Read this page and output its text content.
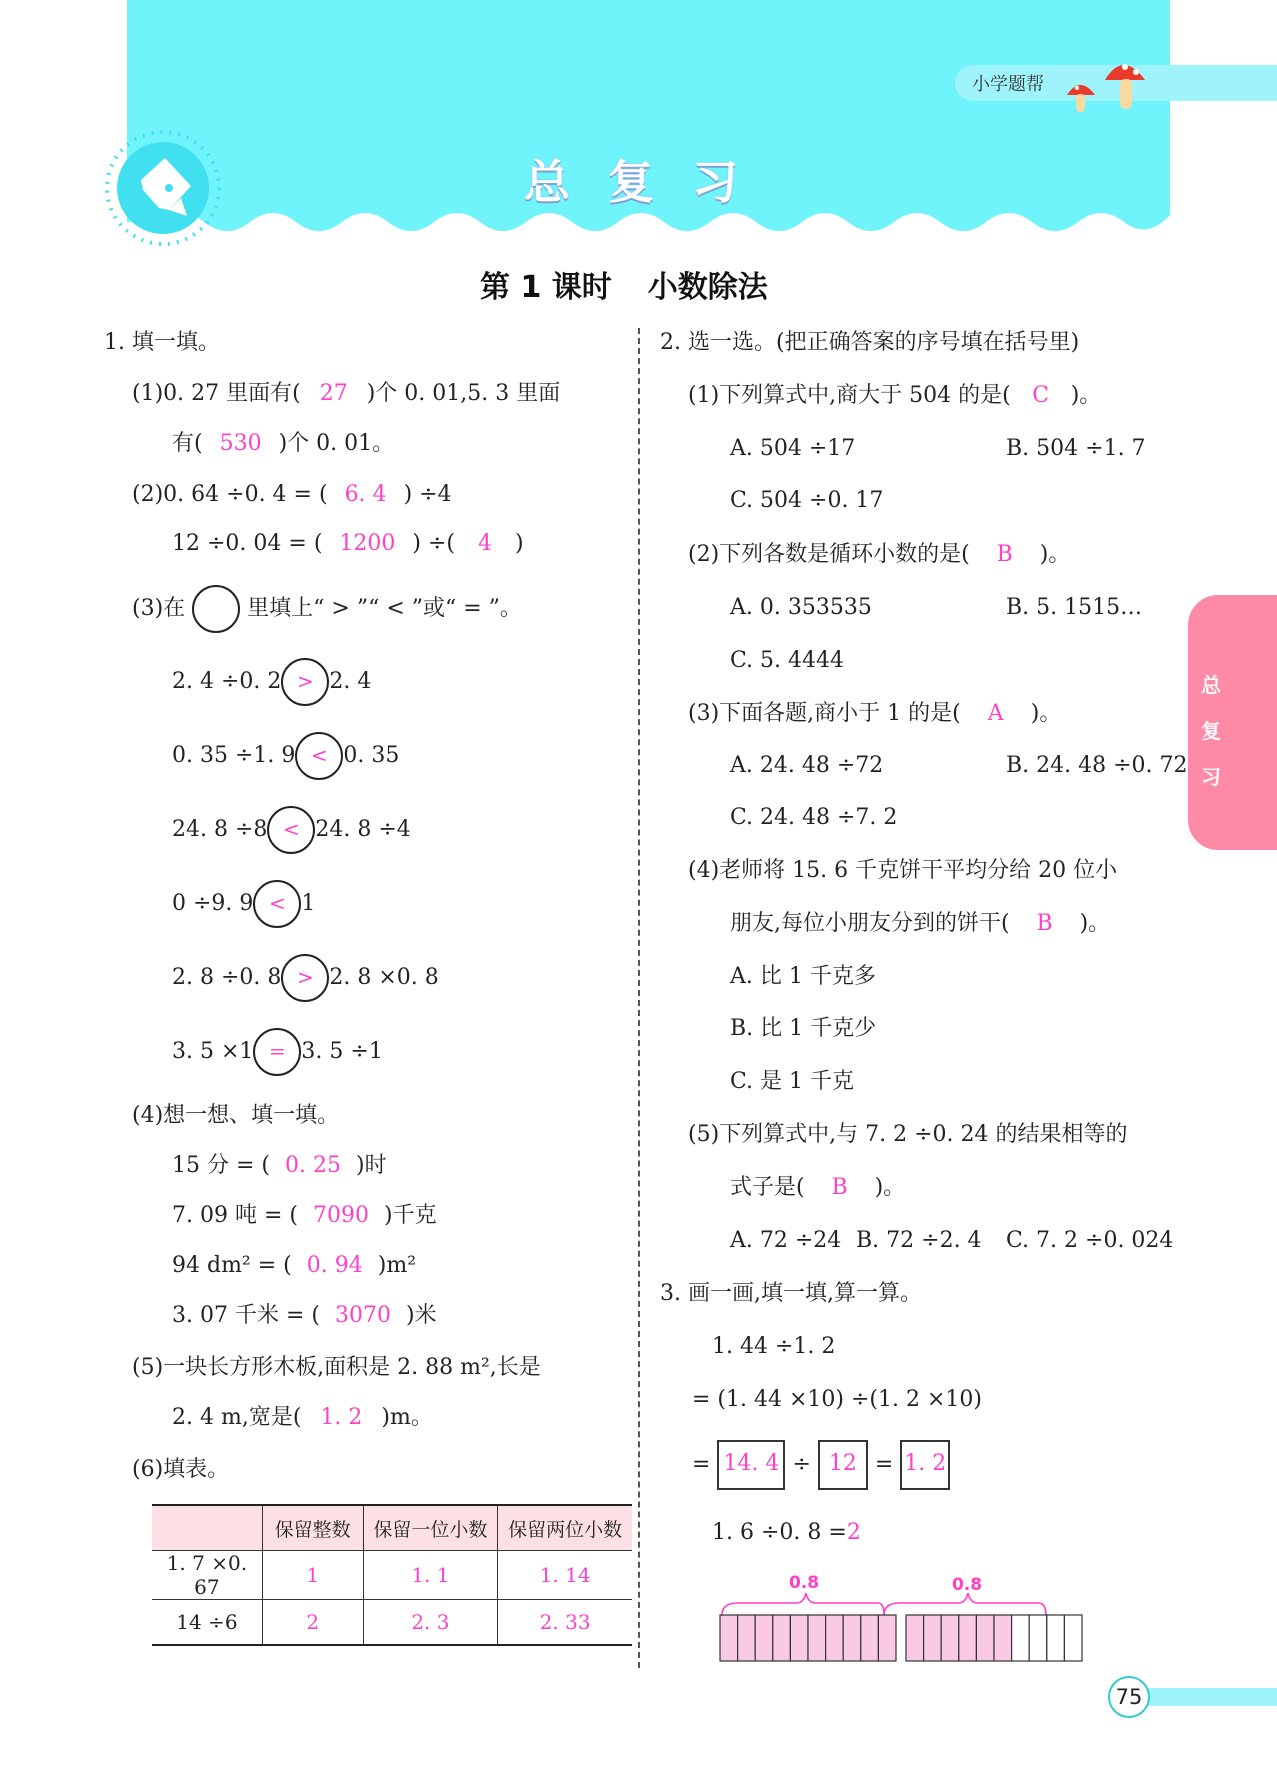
小学题帮
总复习
第 1 课时 小数除法
1. 填一填。
(1)0. 27 里面有( 27 )个 0. 01,5. 3 里面
有( 530 )个 0. 01。
(2)0. 64 ÷0. 4 = ( 6. 4 ) ÷4
12 ÷0. 04 = ( 1200 ) ÷( 4 )
(3)在	里填上“ > ”“ < ”或“ = ”。
2. 4 ÷0. 2 > 2. 4
0. 35 ÷1. 9 < 0. 35
24. 8 ÷8 < 24. 8 ÷4
0 ÷9. 9 < 1
2. 8 ÷0. 8 > 2. 8 ×0. 8
3. 5 ×1 = 3. 5 ÷1
(4)想一想、填一填。
15 分 = ( 0. 25 )时
7. 09 吨 = ( 7090 )千克
94 dm² = ( 0. 94 )m²
3. 07 千米 = ( 3070 )米
(5)一块长方形木板,面积是 2. 88 m²,长是
2. 4 m,宽是( 1. 2 )m。
(6)填表。
	保留整数	保留一位小数	保留两位小数
1. 7 ×0. 67	1	1. 1	1. 14
14 ÷6	2	2. 3	2. 33
2. 选一选。(把正确答案的序号填在括号里)
(1)下列算式中,商大于 504 的是( C )。
A. 504 ÷17	B. 504 ÷1. 7
C. 504 ÷0. 17
(2)下列各数是循环小数的是( B )。
A. 0. 353535	B. 5. 1515…
C. 5. 4444
(3)下面各题,商小于 1 的是( A )。
A. 24. 48 ÷72	B. 24. 48 ÷0. 72
C. 24. 48 ÷7. 2
(4)老师将 15. 6 千克饼干平均分给 20 位小
朋友,每位小朋友分到的饼干( B )。
A. 比 1 千克多
B. 比 1 千克少
C. 是 1 千克
(5)下列算式中,与 7. 2 ÷0. 24 的结果相等的
式子是( B )。
A. 72 ÷24 B. 72 ÷2. 4 C. 7. 2 ÷0. 024
3. 画一画,填一填,算一算。
1. 44 ÷1. 2
= (1. 44 ×10) ÷(1. 2 ×10)
= 14. 4 ÷ 12 = 1. 2
1. 6 ÷0. 8 =2
0.8	0.8
总
复
习
75
